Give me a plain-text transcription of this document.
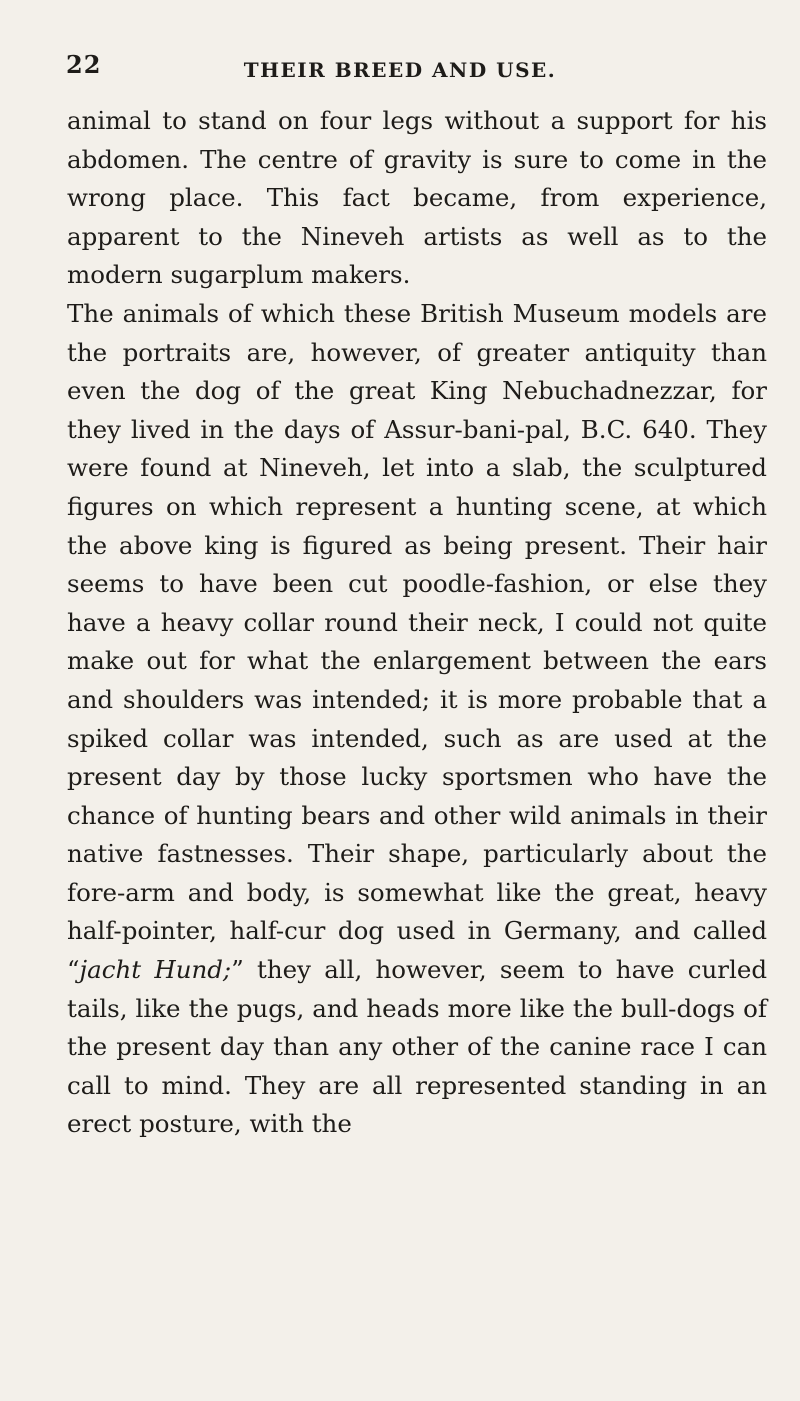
22	THEIR BREED AND USE.

animal to stand on four legs without a support for his abdomen. The centre of gravity is sure to come in the wrong place. This fact became, from experience, apparent to the Nineveh artists as well as to the modern sugarplum makers.

The animals of which these British Museum models are the portraits are, however, of greater antiquity than even the dog of the great King Nebuchadnezzar, for they lived in the days of Assur-bani-pal, B.C. 640. They were found at Nineveh, let into a slab, the sculptured figures on which represent a hunting scene, at which the above king is figured as being present. Their hair seems to have been cut poodle-fashion, or else they have a heavy collar round their neck, I could not quite make out for what the enlargement between the ears and shoulders was intended; it is more probable that a spiked collar was intended, such as are used at the present day by those lucky sportsmen who have the chance of hunting bears and other wild animals in their native fastnesses. Their shape, particularly about the fore-arm and body, is somewhat like the great, heavy half-pointer, half-cur dog used in Germany, and called “jacht Hund;” they all, however, seem to have curled tails, like the pugs, and heads more like the bull-dogs of the present day than any other of the canine race I can call to mind. They are all represented standing in an erect posture, with the
